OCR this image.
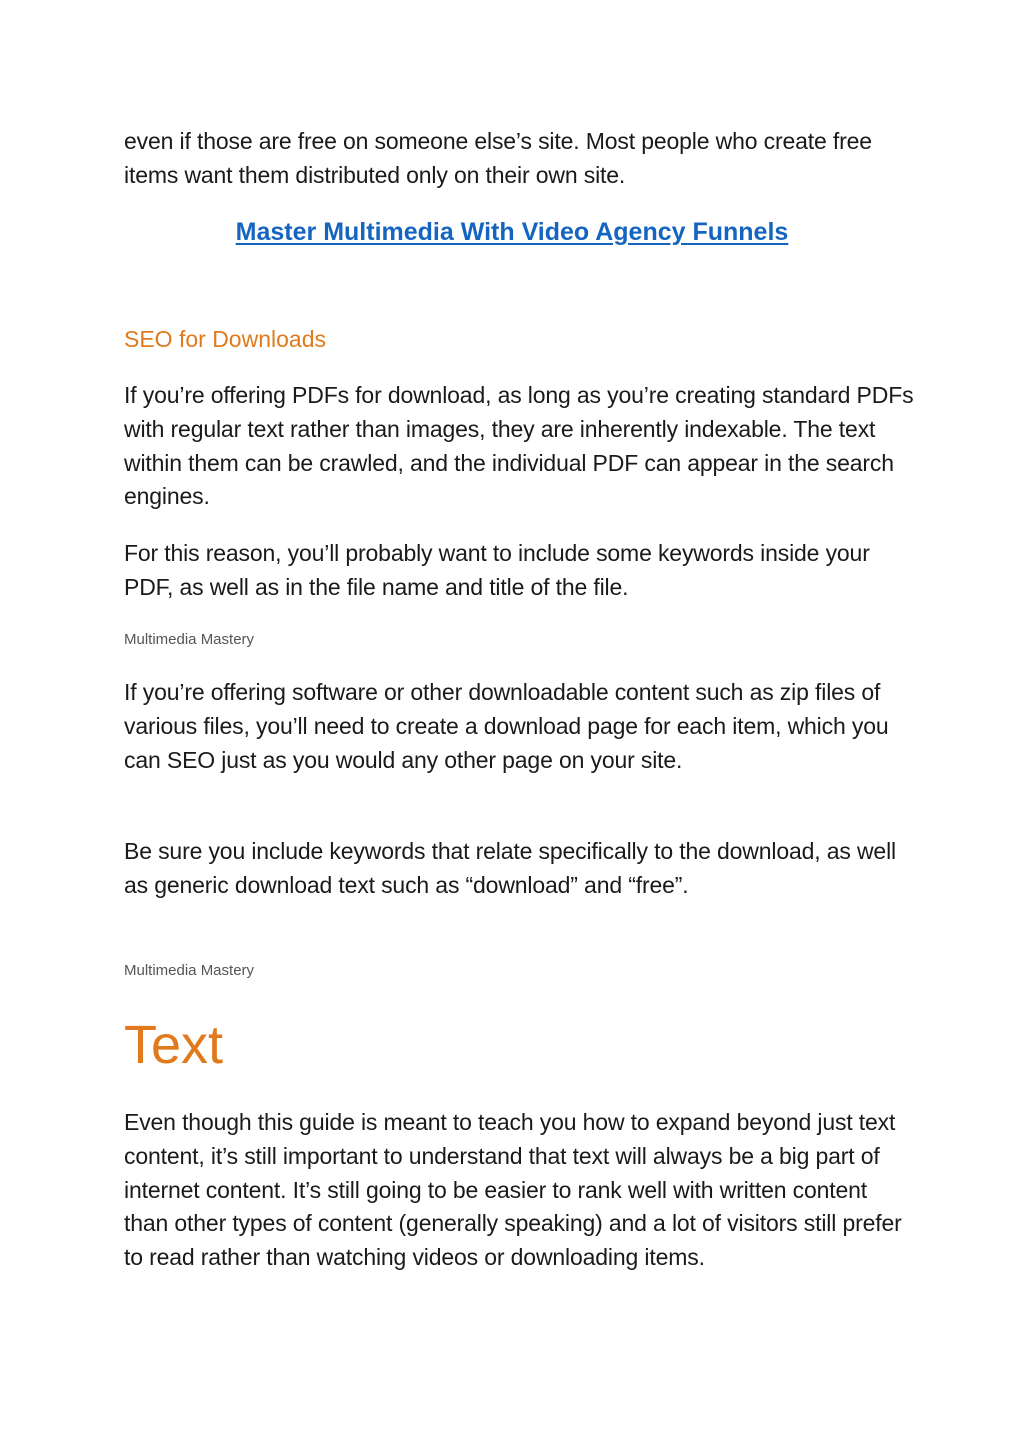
even if those are free on someone else’s site. Most people who create free items want them distributed only on their own site.

Master Multimedia With Video Agency Funnels
SEO for Downloads

If you’re offering PDFs for download, as long as you’re creating standard PDFs with regular text rather than images, they are inherently indexable. The text within them can be crawled, and the individual PDF can appear in the search engines.

For this reason, you’ll probably want to include some keywords inside your PDF, as well as in the file name and title of the file.

Multimedia Mastery

If you’re offering software or other downloadable content such as zip files of various files, you’ll need to create a download page for each item, which you can SEO just as you would any other page on your site.

Be sure you include keywords that relate specifically to the download, as well as generic download text such as “download” and “free”.

Multimedia Mastery
Text

Even though this guide is meant to teach you how to expand beyond just text content, it’s still important to understand that text will always be a big part of internet content. It’s still going to be easier to rank well with written content than other types of content (generally speaking) and a lot of visitors still prefer to read rather than watching videos or downloading items.
